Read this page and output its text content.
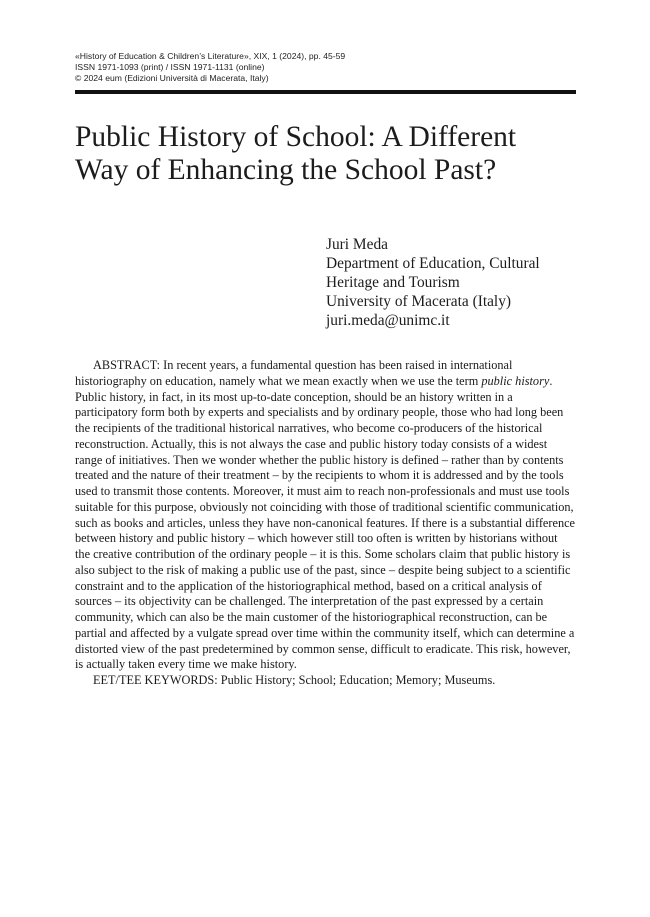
«History of Education & Children’s Literature», XIX, 1 (2024), pp. 45-59
ISSN 1971-1093 (print) / ISSN 1971-1131 (online)
© 2024 eum (Edizioni Università di Macerata, Italy)
Public History of School: A Different
Way of Enhancing the School Past?
Juri Meda
Department of Education, Cultural
Heritage and Tourism
University of Macerata (Italy)
juri.meda@unimc.it

ABSTRACT: In recent years, a fundamental question has been raised in international historiography on education, namely what we mean exactly when we use the term public history. Public history, in fact, in its most up-to-date conception, should be an history written in a participatory form both by experts and specialists and by ordinary people, those who had long been the recipients of the traditional historical narratives, who become co-producers of the historical reconstruction. Actually, this is not always the case and public history today consists of a widest range of initiatives. Then we wonder whether the public history is defined – rather than by contents treated and the nature of their treatment – by the recipients to whom it is addressed and by the tools used to transmit those contents. Moreover, it must aim to reach non-professionals and must use tools suitable for this purpose, obviously not coinciding with those of traditional scientific communication, such as books and articles, unless they have non-canonical features. If there is a substantial difference between history and public history – which however still too often is written by historians without the creative contribution of the ordinary people – it is this. Some scholars claim that public history is also subject to the risk of making a public use of the past, since – despite being subject to a scientific constraint and to the application of the historiographical method, based on a critical analysis of sources – its objectivity can be challenged. The interpretation of the past expressed by a certain community, which can also be the main customer of the historiographical reconstruction, can be partial and affected by a vulgate spread over time within the community itself, which can determine a distorted view of the past predetermined by common sense, difficult to eradicate. This risk, however, is actually taken every time we make history.

EET/TEE KEYWORDS: Public History; School; Education; Memory; Museums.
